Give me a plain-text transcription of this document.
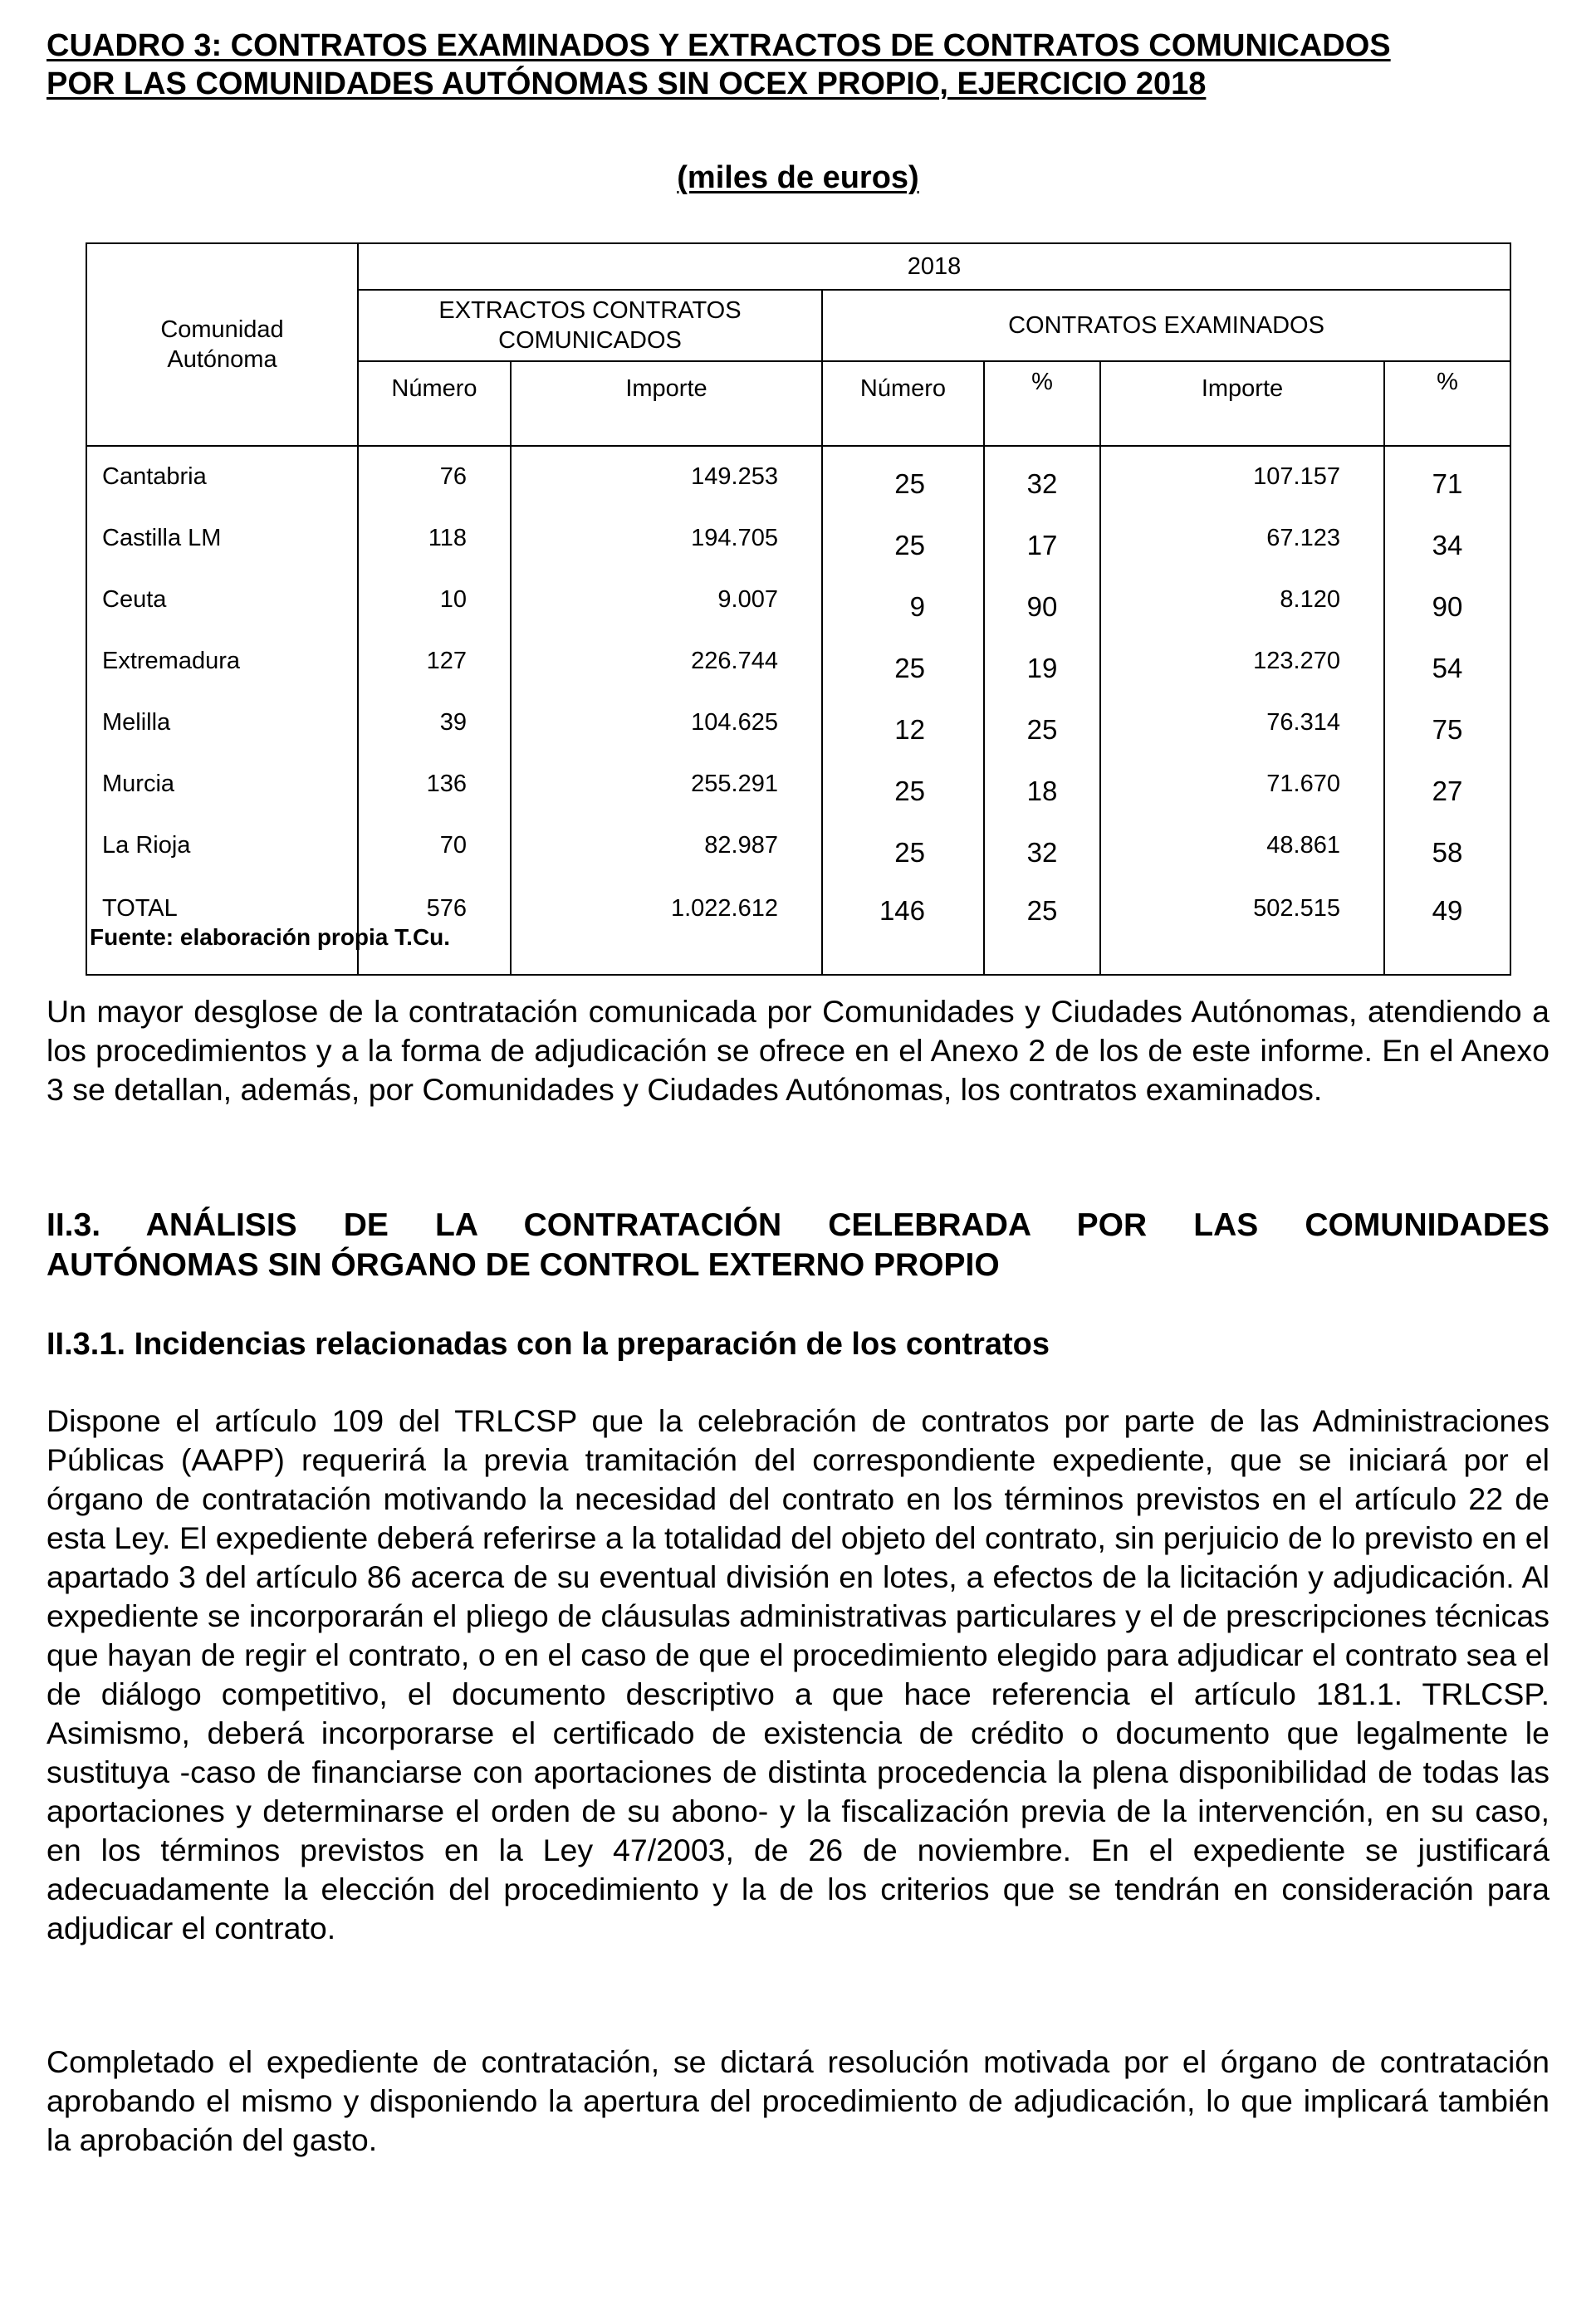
CUADRO 3: CONTRATOS EXAMINADOS Y EXTRACTOS DE CONTRATOS COMUNICADOS
POR LAS COMUNIDADES AUTÓNOMAS SIN OCEX PROPIO, EJERCICIO 2018
(miles de euros)
Comunidad Autónoma	2018					

	EXTRACTOS CONTRATOS COMUNICADOS		CONTRATOS EXAMINADOS			
	Número	Importe	Número	%	Importe	%

Cantabria	76	149.253	25	32	107.157	71
Castilla LM	118	194.705	25	17	67.123	34
Ceuta	10	9.007	9	90	8.120	90
Extremadura	127	226.744	25	19	123.270	54
Melilla	39	104.625	12	25	76.314	75
Murcia	136	255.291	25	18	71.670	27
La Rioja	70	82.987	25	32	48.861	58
TOTAL	576	1.022.612	146	25	502.515	49
Fuente: elaboración propia T.Cu.
Un mayor desglose de la contratación comunicada por Comunidades y Ciudades Autónomas, atendiendo a los procedimientos y a la forma de adjudicación se ofrece en el Anexo 2 de los de este informe. En el Anexo 3 se detallan, además, por Comunidades y Ciudades Autónomas, los contratos examinados.
II.3. ANÁLISIS DE LA CONTRATACIÓN CELEBRADA POR LAS COMUNIDADES
AUTÓNOMAS SIN ÓRGANO DE CONTROL EXTERNO PROPIO
II.3.1. Incidencias relacionadas con la preparación de los contratos
Dispone el artículo 109 del TRLCSP que la celebración de contratos por parte de las Administraciones Públicas (AAPP) requerirá la previa tramitación del correspondiente expediente, que se iniciará por el órgano de contratación motivando la necesidad del contrato en los términos previstos en el artículo 22 de esta Ley. El expediente deberá referirse a la totalidad del objeto del contrato, sin perjuicio de lo previsto en el apartado 3 del artículo 86 acerca de su eventual división en lotes, a efectos de la licitación y adjudicación. Al expediente se incorporarán el pliego de cláusulas administrativas particulares y el de prescripciones técnicas que hayan de regir el contrato, o en el caso de que el procedimiento elegido para adjudicar el contrato sea el de diálogo competitivo, el documento descriptivo a que hace referencia el artículo 181.1. TRLCSP. Asimismo, deberá incorporarse el certificado de existencia de crédito o documento que legalmente le sustituya -caso de financiarse con aportaciones de distinta procedencia la plena disponibilidad de todas las aportaciones y determinarse el orden de su abono- y la fiscalización previa de la intervención, en su caso, en los términos previstos en la Ley 47/2003, de 26 de noviembre. En el expediente se justificará adecuadamente la elección del procedimiento y la de los criterios que se tendrán en consideración para adjudicar el contrato.
Completado el expediente de contratación, se dictará resolución motivada por el órgano de contratación aprobando el mismo y disponiendo la apertura del procedimiento de adjudicación, lo que implicará también la aprobación del gasto.
